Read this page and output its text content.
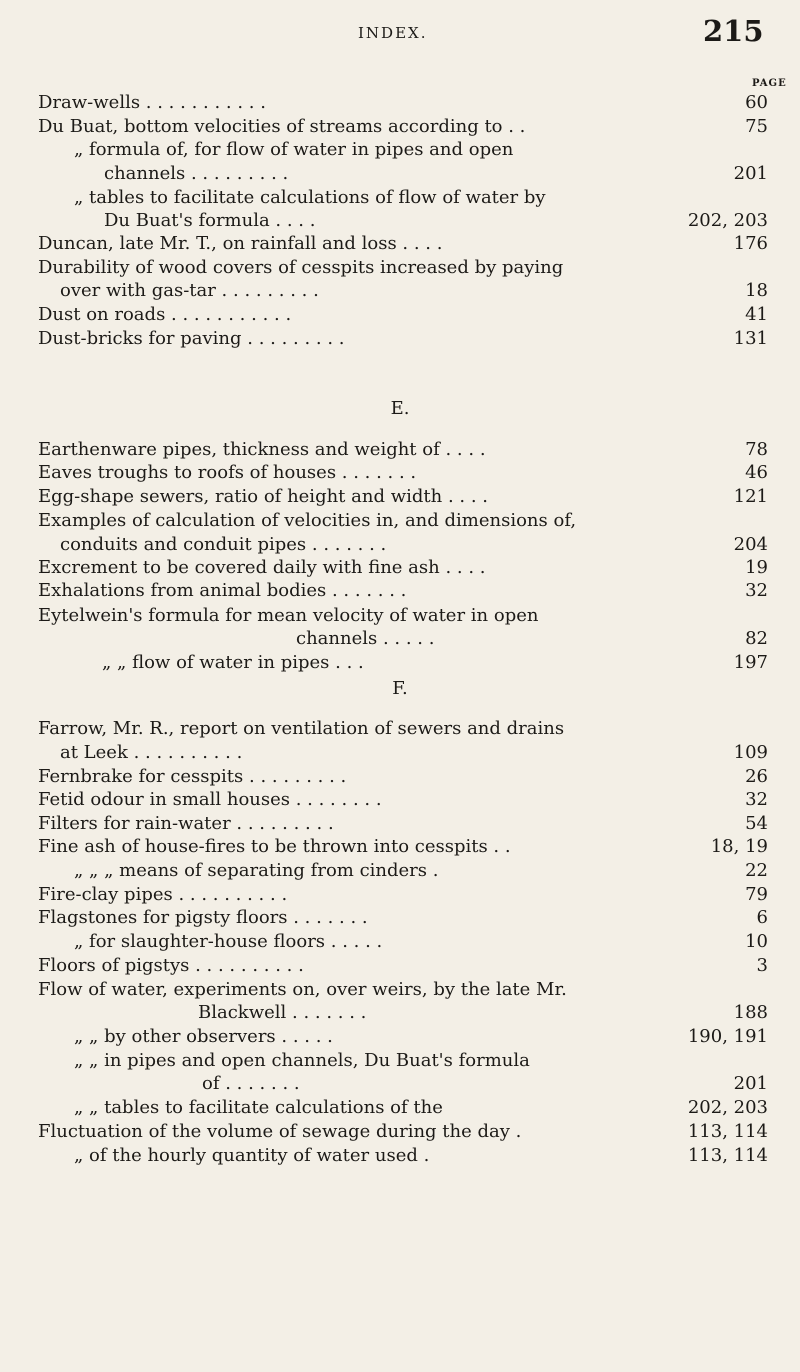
INDEX.	215
PAGE
Draw-wells . . . . . . . . . . .	60
Du Buat, bottom velocities of streams according to . .	75
„ formula of, for flow of water in pipes and open
channels . . . . . . . . .	201
„ tables to facilitate calculations of flow of water by
Du Buat's formula . . . .	202, 203
Duncan, late Mr. T., on rainfall and loss . . . .	176
Durability of wood covers of cesspits increased by paying
over with gas-tar . . . . . . . . .	18
Dust on roads . . . . . . . . . . .	41
Dust-bricks for paving . . . . . . . . .	131
Earthenware pipes, thickness and weight of . . . .	78
Eaves troughs to roofs of houses . . . . . . .	46
Egg-shape sewers, ratio of height and width . . . .	121
Examples of calculation of velocities in, and dimensions of,
conduits and conduit pipes . . . . . . .	204
Excrement to be covered daily with fine ash . . . .	19
Exhalations from animal bodies . . . . . . .	32
Eytelwein's formula for mean velocity of water in open
channels . . . . .	82
„ „ flow of water in pipes . . .	197
Farrow, Mr. R., report on ventilation of sewers and drains
at Leek . . . . . . . . . .	109
Fernbrake for cesspits . . . . . . . . .	26
Fetid odour in small houses . . . . . . . .	32
Filters for rain-water . . . . . . . . .	54
Fine ash of house-fires to be thrown into cesspits . .	18, 19
„ „ „ means of separating from cinders .	22
Fire-clay pipes . . . . . . . . . .	79
Flagstones for pigsty floors . . . . . . .	6
„ for slaughter-house floors . . . . .	10
Floors of pigstys . . . . . . . . . .	3
Flow of water, experiments on, over weirs, by the late Mr.
Blackwell . . . . . . .	188
„ „ by other observers . . . . .	190, 191
„ „ in pipes and open channels, Du Buat's formula
of . . . . . . .	201
„ „ tables to facilitate calculations of the	202, 203
Fluctuation of the volume of sewage during the day .	113, 114
„ of the hourly quantity of water used .	113, 114
E.
F.
